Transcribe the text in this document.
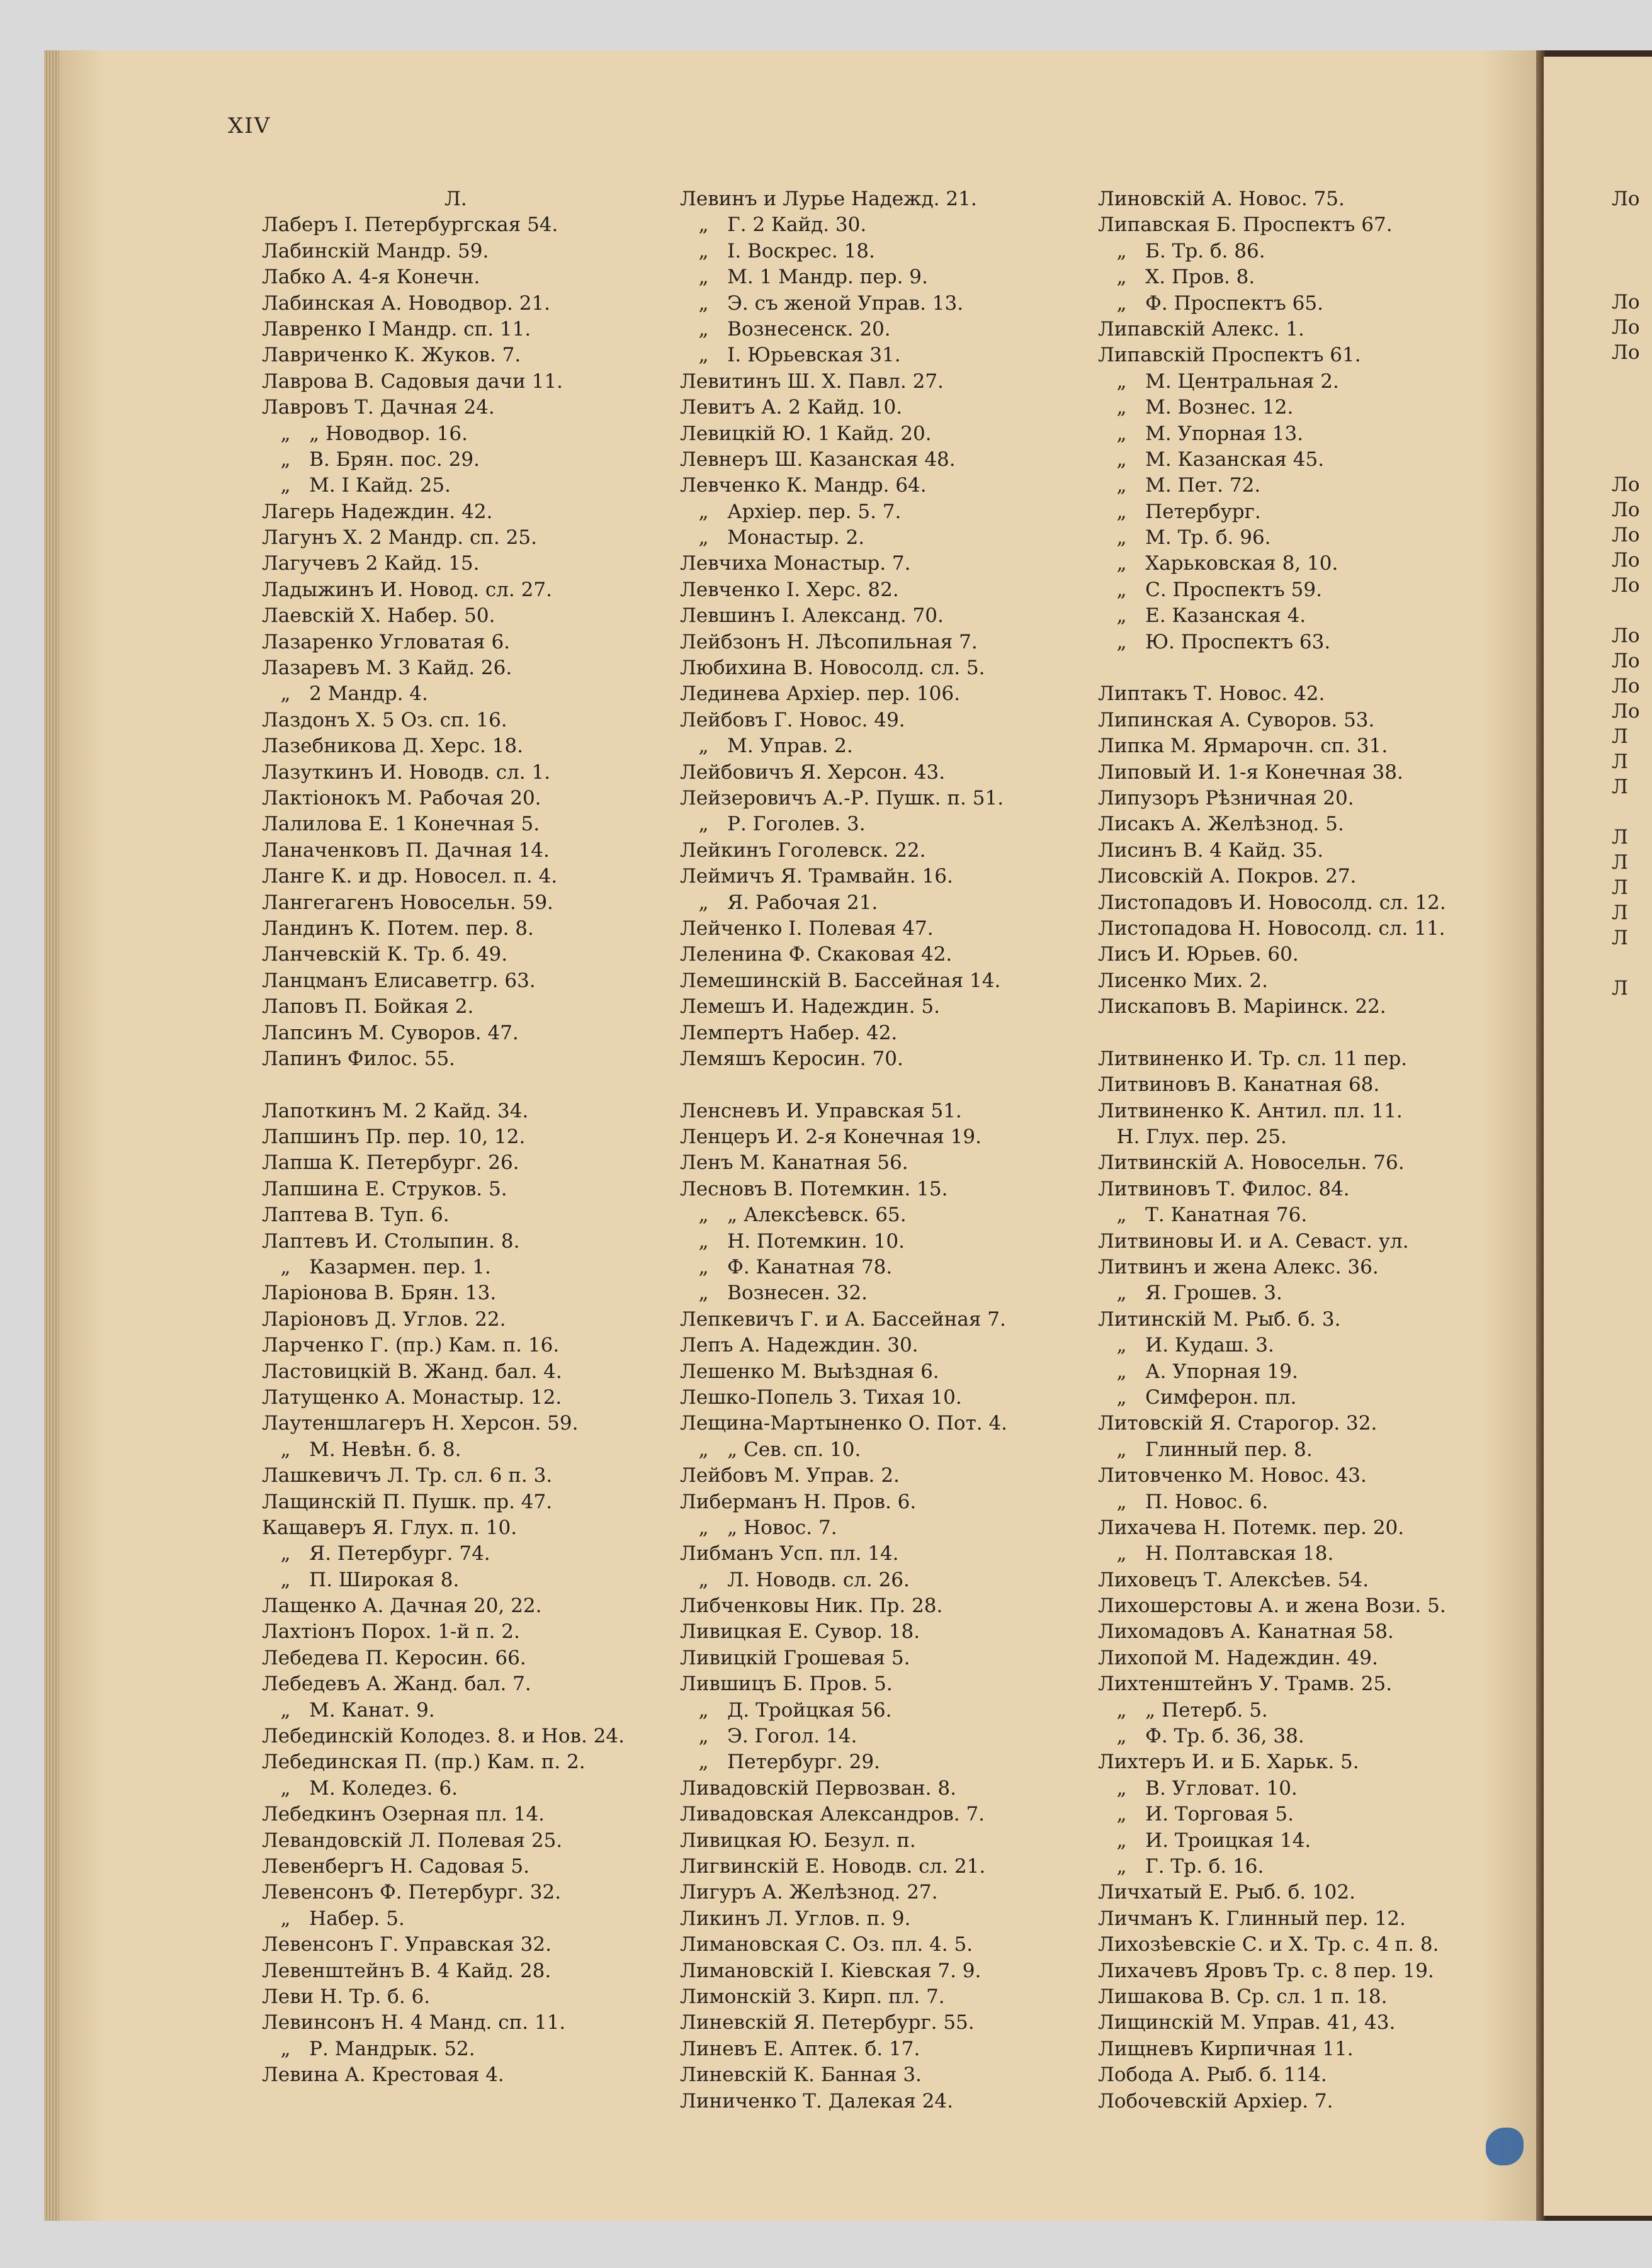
XIV
Л.
Лаберъ І. Петербургская 54.
Лабинскій Мандр. 59.
Лабко А. 4-я Конечн.
Лабинская А. Новодвор. 21.
Лавренко І Мандр. сп. 11.
Лавриченко К. Жуков. 7.
Лаврова В. Садовыя дачи 11.
Лавровъ Т. Дачная 24.
„   „ Новодвор. 16.
„   В. Брян. пос. 29.
„   М. І Кайд. 25.
Лагерь Надеждин. 42.
Лагунъ Х. 2 Мандр. сп. 25.
Лагучевъ 2 Кайд. 15.
Ладыжинъ И. Новод. сл. 27.
Лаевскій Х. Набер. 50.
Лазаренко Угловатая 6.
Лазаревъ М. 3 Кайд. 26.
„   2 Мандр. 4.
Лаздонъ Х. 5 Оз. сп. 16.
Лазебникова Д. Херс. 18.
Лазуткинъ И. Новодв. сл. 1.
Лактіонокъ М. Рабочая 20.
Лалилова Е. 1 Конечная 5.
Ланаченковъ П. Дачная 14.
Ланге К. и др. Новосел. п. 4.
Лангегагенъ Новосельн. 59.
Ландинъ К. Потем. пер. 8.
Ланчевскій К. Тр. б. 49.
Ланцманъ Елисаветгр. 63.
Лаповъ П. Бойкая 2.
Лапсинъ М. Суворов. 47.
Лапинъ Филос. 55.
Лапоткинъ М. 2 Кайд. 34.
Лапшинъ Пр. пер. 10, 12.
Лапша К. Петербург. 26.
Лапшина Е. Струков. 5.
Лаптева В. Туп. 6.
Лаптевъ И. Столыпин. 8.
„   Казармен. пер. 1.
Ларіонова В. Брян. 13.
Ларіоновъ Д. Углов. 22.
Ларченко Г. (пр.) Кам. п. 16.
Ластовицкій В. Жанд. бал. 4.
Латущенко А. Монастыр. 12.
Лаутеншлагеръ Н. Херсон. 59.
„   М. Невѣн. б. 8.
Лашкевичъ Л. Тр. сл. 6 п. 3.
Лащинскій П. Пушк. пр. 47.
Кащаверъ Я. Глух. п. 10.
„   Я. Петербург. 74.
„   П. Широкая 8.
Лащенко А. Дачная 20, 22.
Лахтіонъ Порох. 1-й п. 2.
Лебедева П. Керосин. 66.
Лебедевъ А. Жанд. бал. 7.
„   М. Канат. 9.
Лебединскій Колодез. 8. и Нов. 24.
Лебединская П. (пр.) Кам. п. 2.
„   М. Коледез. 6.
Лебедкинъ Озерная пл. 14.
Левандовскій Л. Полевая 25.
Левенбергъ Н. Садовая 5.
Левенсонъ Ф. Петербург. 32.
„   Набер. 5.
Левенсонъ Г. Управская 32.
Левенштейнъ В. 4 Кайд. 28.
Леви Н. Тр. б. 6.
Левинсонъ Н. 4 Манд. сп. 11.
„   Р. Мандрык. 52.
Левина А. Крестовая 4.
Левинъ и Лурье Надежд. 21.
„   Г. 2 Кайд. 30.
„   І. Воскрес. 18.
„   М. 1 Мандр. пер. 9.
„   Э. съ женой Управ. 13.
„   Вознесенск. 20.
„   І. Юрьевская 31.
Левитинъ Ш. Х. Павл. 27.
Левитъ А. 2 Кайд. 10.
Левицкій Ю. 1 Кайд. 20.
Левнеръ Ш. Казанская 48.
Левченко К. Мандр. 64.
„   Архіер. пер. 5. 7.
„   Монастыр. 2.
Левчиха Монастыр. 7.
Левченко І. Херс. 82.
Левшинъ І. Александ. 70.
Лейбзонъ Н. Лѣсопильная 7.
Любихина В. Новосолд. сл. 5.
Лединева Архіер. пер. 106.
Лейбовъ Г. Новос. 49.
„   М. Управ. 2.
Лейбовичъ Я. Херсон. 43.
Лейзеровичъ А.-Р. Пушк. п. 51.
„   Р. Гоголев. 3.
Лейкинъ Гоголевск. 22.
Леймичъ Я. Трамвайн. 16.
„   Я. Рабочая 21.
Лейченко І. Полевая 47.
Леленина Ф. Скаковая 42.
Лемешинскій В. Бассейная 14.
Лемешъ И. Надеждин. 5.
Лемпертъ Набер. 42.
Лемяшъ Керосин. 70.
Ленсневъ И. Управская 51.
Ленцеръ И. 2-я Конечная 19.
Ленъ М. Канатная 56.
Лесновъ В. Потемкин. 15.
„   „ Алексѣевск. 65.
„   Н. Потемкин. 10.
„   Ф. Канатная 78.
„   Вознесен. 32.
Лепкевичъ Г. и А. Бассейная 7.
Лепъ А. Надеждин. 30.
Лешенко М. Выѣздная 6.
Лешко-Попель З. Тихая 10.
Лещина-Мартыненко О. Пот. 4.
„   „ Сев. сп. 10.
Лейбовъ М. Управ. 2.
Либерманъ Н. Пров. 6.
„   „ Новос. 7.
Либманъ Усп. пл. 14.
„   Л. Новодв. сл. 26.
Либченковы Ник. Пр. 28.
Ливицкая Е. Сувор. 18.
Ливицкій Грошевая 5.
Лившицъ Б. Пров. 5.
„   Д. Тройцкая 56.
„   Э. Гогол. 14.
„   Петербург. 29.
Ливадовскій Первозван. 8.
Ливадовская Александров. 7.
Ливицкая Ю. Безул. п.
Лигвинскій Е. Новодв. сл. 21.
Лигуръ А. Желѣзнод. 27.
Ликинъ Л. Углов. п. 9.
Лимановская С. Оз. пл. 4. 5.
Лимановскій І. Кіевская 7. 9.
Лимонскій З. Кирп. пл. 7.
Линевскій Я. Петербург. 55.
Линевъ Е. Аптек. б. 17.
Линевскій К. Банная 3.
Линиченко Т. Далекая 24.
Линовскій А. Новос. 75.
Липавская Б. Проспектъ 67.
„   Б. Тр. б. 86.
„   Х. Пров. 8.
„   Ф. Проспектъ 65.
Липавскій Алекс. 1.
Липавскій Проспектъ 61.
„   М. Центральная 2.
„   М. Вознес. 12.
„   М. Упорная 13.
„   М. Казанская 45.
„   М. Пет. 72.
„   Петербург.
„   М. Тр. б. 96.
„   Харьковская 8, 10.
„   С. Проспектъ 59.
„   Е. Казанская 4.
„   Ю. Проспектъ 63.
Липтакъ Т. Новос. 42.
Липинская А. Суворов. 53.
Липка М. Ярмарочн. сп. 31.
Липовый И. 1-я Конечная 38.
Липузоръ Рѣзничная 20.
Лисакъ А. Желѣзнод. 5.
Лисинъ В. 4 Кайд. 35.
Лисовскій А. Покров. 27.
Листопадовъ И. Новосолд. сл. 12.
Листопадова Н. Новосолд. сл. 11.
Лисъ И. Юрьев. 60.
Лисенко Мих. 2.
Лискаповъ В. Маріинск. 22.
Литвиненко И. Тр. сл. 11 пер.
Литвиновъ В. Канатная 68.
Литвиненко К. Антил. пл. 11.
Н. Глух. пер. 25.
Литвинскій А. Новосельн. 76.
Литвиновъ Т. Филос. 84.
„   Т. Канатная 76.
Литвиновы И. и А. Севаст. ул.
Литвинъ и жена Алекс. 36.
„   Я. Грошев. 3.
Литинскій М. Рыб. б. 3.
„   И. Кудаш. 3.
„   А. Упорная 19.
„   Симферон. пл.
Литовскій Я. Старогор. 32.
„   Глинный пер. 8.
Литовченко М. Новос. 43.
„   П. Новос. 6.
Лихачева Н. Потемк. пер. 20.
„   Н. Полтавская 18.
Лиховецъ Т. Алексѣев. 54.
Лихошерстовы А. и жена Вози. 5.
Лихомадовъ А. Канатная 58.
Лихопой М. Надеждин. 49.
Лихтенштейнъ У. Трамв. 25.
„   „ Петерб. 5.
„   Ф. Тр. б. 36, 38.
Лихтеръ И. и Б. Харьк. 5.
„   В. Угловат. 10.
„   И. Торговая 5.
„   И. Троицкая 14.
„   Г. Тр. б. 16.
Личхатый Е. Рыб. б. 102.
Личманъ К. Глинный пер. 12.
Лихозѣевскіе С. и Х. Тр. с. 4 п. 8.
Лихачевъ Яровъ Тр. с. 8 пер. 19.
Лишакова В. Ср. сл. 1 п. 18.
Лищинскій М. Управ. 41, 43.
Лищневъ Кирпичная 11.
Лобода А. Рыб. б. 114.
Лобочевскій Архіер. 7.
Ло
Ло
Ло
Ло
Ло
Ло
Ло
Ло
Ло
Ло
Ло
Ло
Ло
Л
Л
Л
Л
Л
Л
Л
Л
Л
